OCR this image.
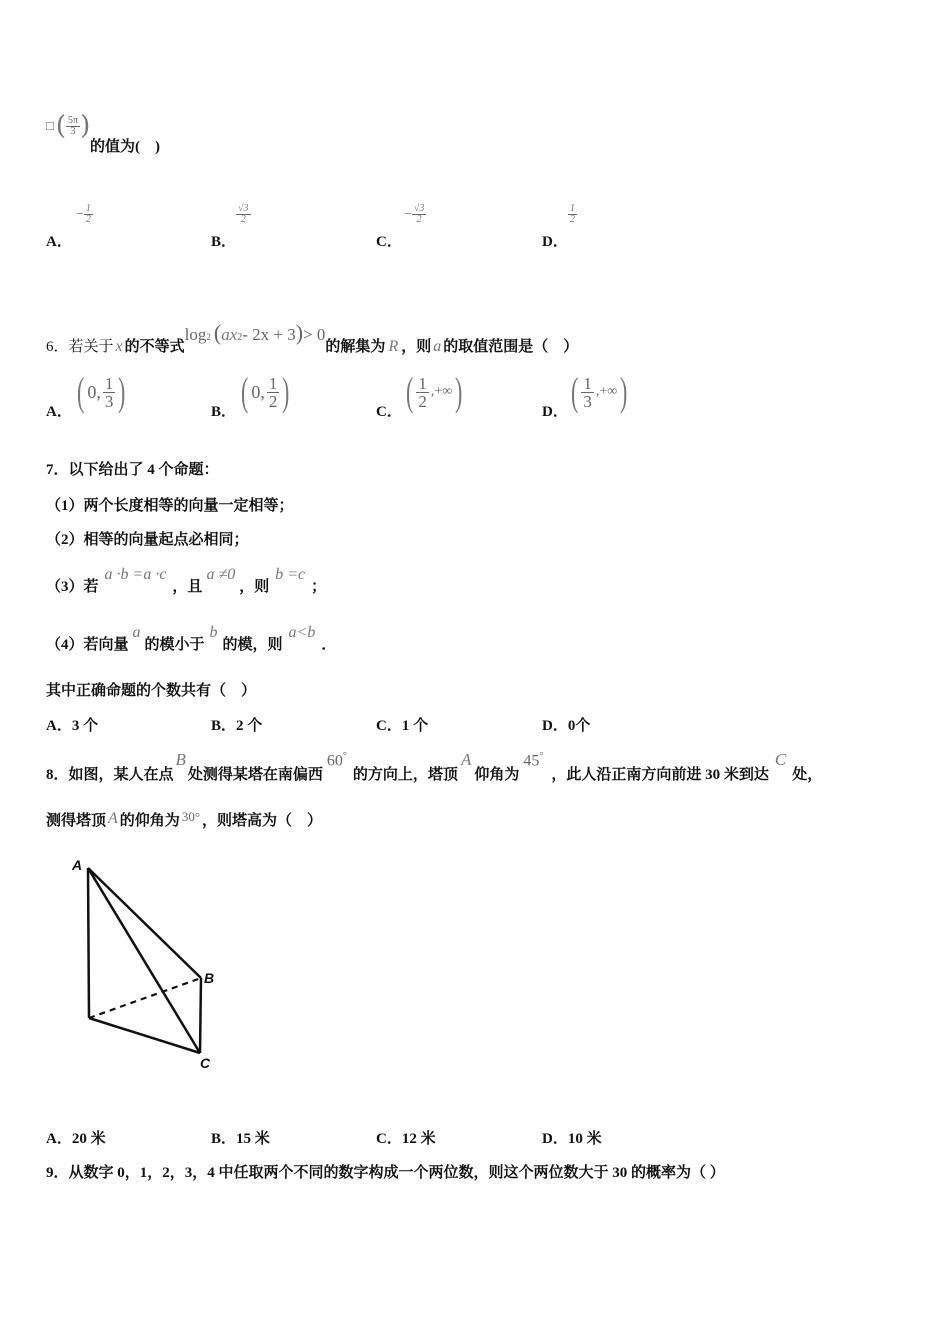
□ ( $\frac{5\pi}{3}$ )
的值为(　)
A．
− $\frac{1}{2}$
B．
$\frac{√3}{2}$
C．
− $\frac{√3}{2}$
D．
$\frac{1}{2}$
6．若关于 x 的不等式
log 2 ( ax 2 - 2x + 3 ) > 0
的解集为 R ，则 a 的取值范围是（　）
A． ( 0, $\frac{1}{3}$ )	B． ( 0, $\frac{1}{2}$ )	C． ( $\frac{1}{2}$ ,+∞ )	D． ( $\frac{1}{3}$ ,+∞ )
7．以下给出了 4 个命题：
（1）两个长度相等的向量一定相等；
（2）相等的向量起点必相同；
（3）若
a ·b =a ·c
，且
a ≠0
，则
b =c
；
（4）若向量
a
的模小于
b
的模，则
a<b
．
其中正确命题的个数共有（　）
A．3 个	B．2 个	C．1 个	D．0个
8．如图，某人在点
B
处测得某塔在南偏西
60°
的方向上，塔顶
A
仰角为
45°
，此人沿正南方向前进 30 米到达
C
处，
测得塔顶 A 的仰角为 30° ，则塔高为（　）
A
B
C
A．20 米	B．15 米	C．12 米	D．10 米
9．从数字 0，1，2，3，4 中任取两个不同的数字构成一个两位数，则这个两位数大于 30 的概率为（ ）
